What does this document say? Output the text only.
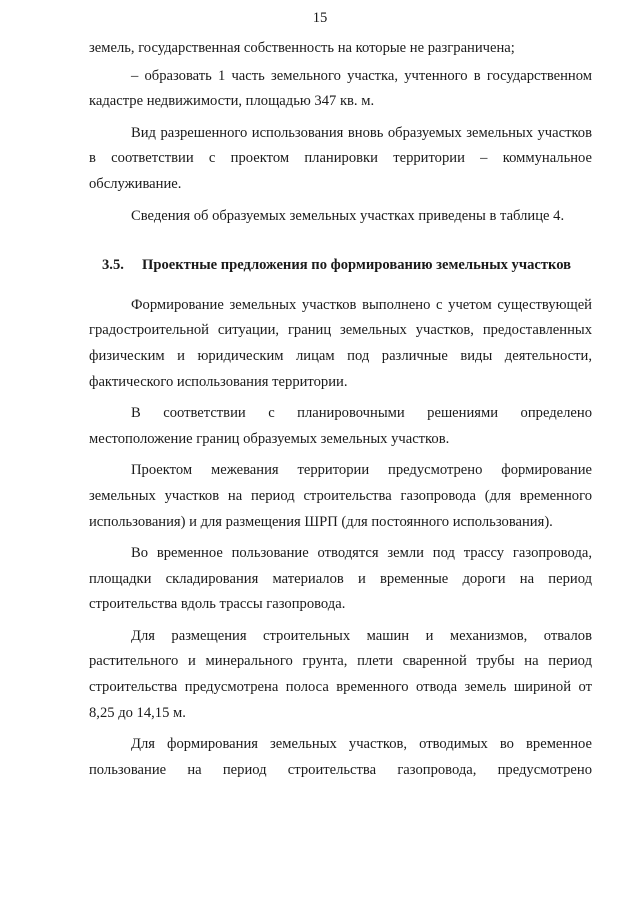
15

земель, государственная собственность на которые не разграничена;

– образовать 1 часть земельного участка, учтенного в государственном кадастре недвижимости, площадью 347 кв. м.

Вид разрешенного использования вновь образуемых земельных участков в соответствии с проектом планировки территории – коммунальное обслуживание.

Сведения об образуемых земельных участках приведены в таблице 4.

3.5.	Проектные предложения по формированию земельных участков

Формирование земельных участков выполнено с учетом существующей градостроительной ситуации, границ земельных участков, предоставленных физическим и юридическим лицам под различные виды деятельности, фактического использования территории.

В соответствии с планировочными решениями определено местоположение границ образуемых земельных участков.

Проектом межевания территории предусмотрено формирование земельных участков на период строительства газопровода (для временного использования) и для размещения ШРП (для постоянного использования).

Во временное пользование отводятся земли под трассу газопровода, площадки складирования материалов и временные дороги на период строительства вдоль трассы газопровода.

Для размещения строительных машин и механизмов, отвалов растительного и минерального грунта, плети сваренной трубы на период строительства предусмотрена полоса временного отвода земель шириной от 8,25 до 14,15 м.

Для формирования земельных участков, отводимых во временное пользование на период строительства газопровода, предусмотрено
